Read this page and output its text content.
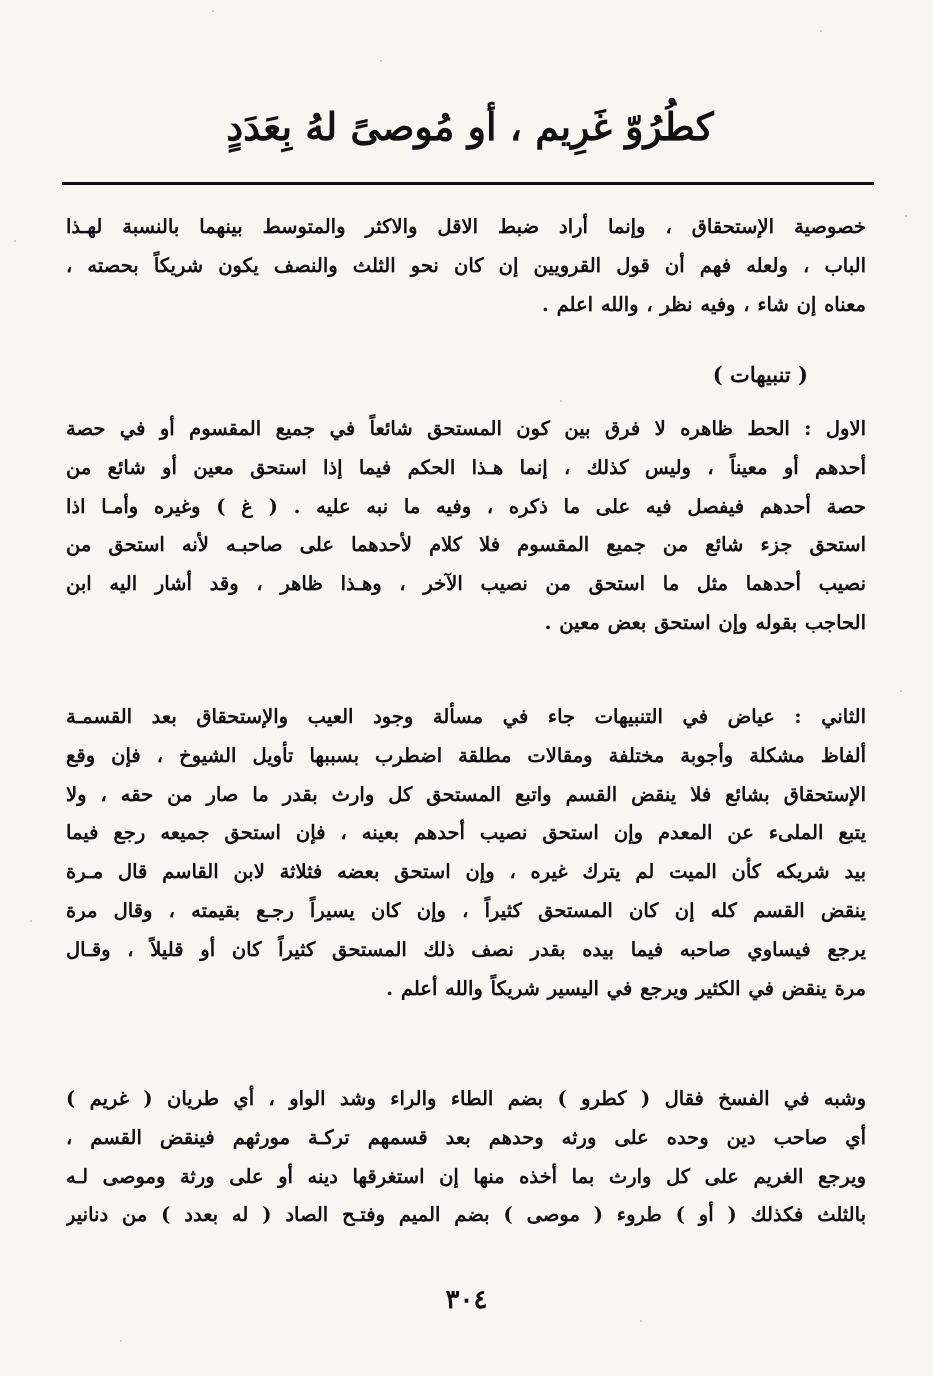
كطُرُوّ غَرِيم ، أو مُوصىً لهُ بِعَدَدٍ
خصوصية الإستحقاق ، وإنما أراد ضبط الاقل والاكثر والمتوسط بينهما بالنسبة لهـذا
الباب ، ولعله فهم أن قول القرويين إن كان نحو الثلث والنصف يكون شريكاً بحصته ،
معناه إن شاء ، وفيه نظر ، والله اعلم .
( تنبيهات )
الاول : الحط ظاهره لا فرق بين كون المستحق شائعاً في جميع المقسوم أو في حصة
أحدهم أو معيناً ، وليس كذلك ، إنما هـذا الحكم فيما إذا استحق معين أو شائع من
حصة أحدهم فيفصل فيه على ما ذكره ، وفيه ما نبه عليه . ( غ ) وغيره وأمـا اذا
استحق جزء شائع من جميع المقسوم فلا كلام لأحدهما على صاحبـه لأنه استحق من
نصيب أحدهما مثل ما استحق من نصيب الآخر ، وهـذا ظاهر ، وقد أشار اليه ابن
الحاجب بقوله وإن استحق بعض معين .
الثاني : عياض في التنبيهات جاء في مسألة وجود العيب والإستحقاق بعد القسمـة
ألفاظ مشكلة وأجوبة مختلفة ومقالات مطلقة اضطرب بسببها تأويل الشيوخ ، فإن وقع
الإستحقاق بشائع فلا ينقض القسم واتبع المستحق كل وارث بقدر ما صار من حقه ، ولا
يتبع الملىء عن المعدم وإن استحق نصيب أحدهم بعينه ، فإن استحق جميعه رجع فيما
بيد شريكه كأن الميت لم يترك غيره ، وإن استحق بعضه فثلاثة لابن القاسم قال مـرة
ينقض القسم كله إن كان المستحق كثيراً ، وإن كان يسيراً رجـع بقيمته ، وقال مرة
يرجع فيساوي صاحبه فيما بيده بقدر نصف ذلك المستحق كثيراً كان أو قليلاً ، وقـال
مرة ينقض في الكثير ويرجع في اليسير شريكاً والله أعلم .
وشبه في الفسخ فقال ( كطرو ) بضم الطاء والراء وشد الواو ، أي طريان ( غريم )
أي صاحب دين وحده على ورثه وحدهم بعد قسمهم تركـة مورثهم فينقض القسم ،
ويرجع الغريم على كل وارث بما أخذه منها إن استغرقها دينه أو على ورثة وموصى لـه
بالثلث فكذلك ( أو ) طروء ( موصى ) بضم الميم وفتـح الصاد ( له بعدد ) من دنانير
٣٠٤
